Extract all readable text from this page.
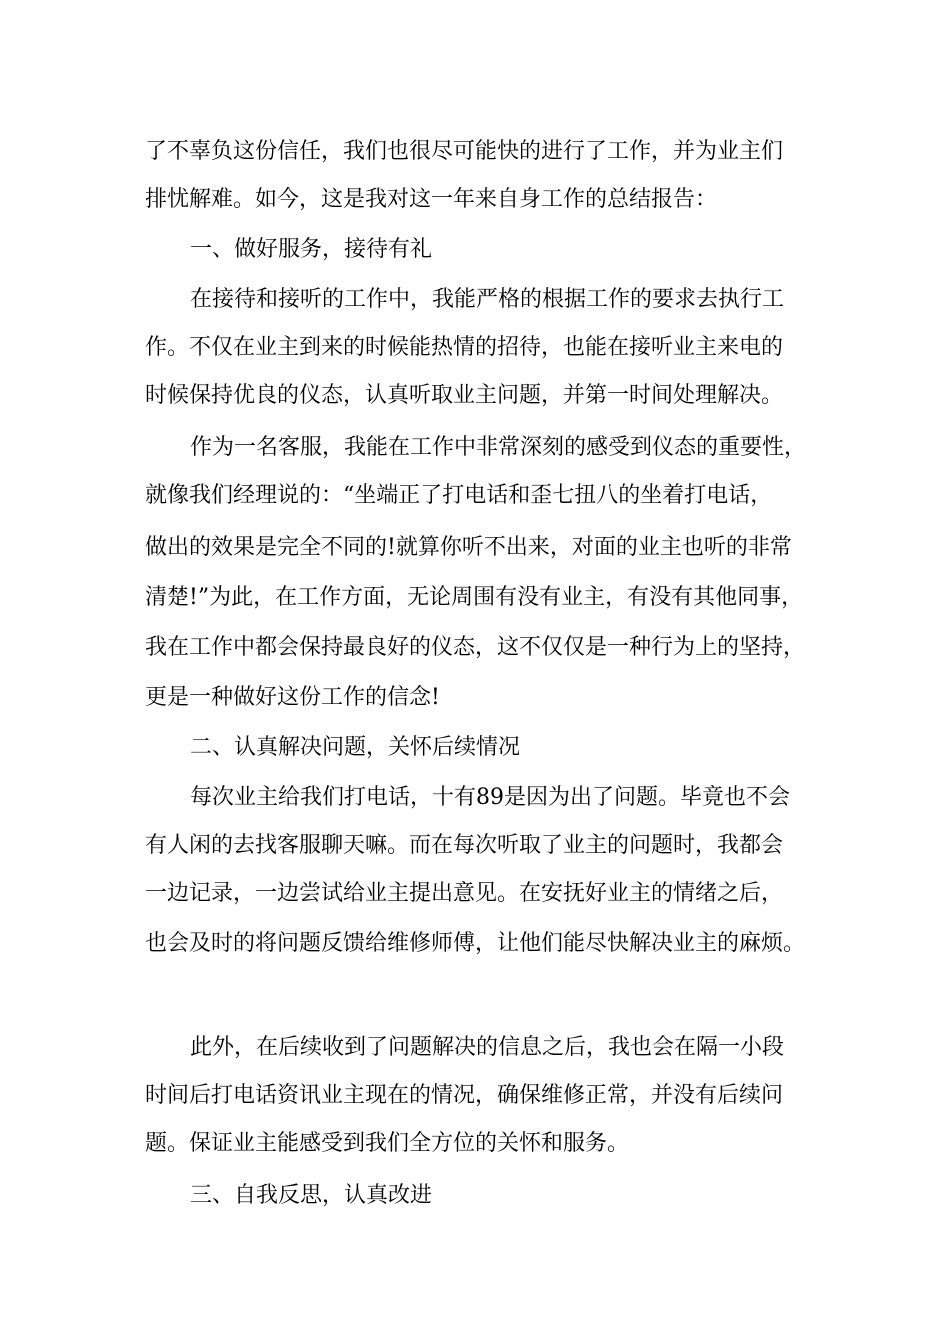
了不辜负这份信任，我们也很尽可能快的进行了工作，并为业主们
排忧解难。如今，这是我对这一年来自身工作的总结报告：
一、做好服务，接待有礼
在接待和接听的工作中，我能严格的根据工作的要求去执行工
作。不仅在业主到来的时候能热情的招待，也能在接听业主来电的
时候保持优良的仪态，认真听取业主问题，并第一时间处理解决。
作为一名客服，我能在工作中非常深刻的感受到仪态的重要性，
就像我们经理说的：“坐端正了打电话和歪七扭八的坐着打电话，
做出的效果是完全不同的!就算你听不出来，对面的业主也听的非常
清楚!”为此，在工作方面，无论周围有没有业主，有没有其他同事，
我在工作中都会保持最良好的仪态，这不仅仅是一种行为上的坚持，
更是一种做好这份工作的信念!
二、认真解决问题，关怀后续情况
每次业主给我们打电话，十有89是因为出了问题。毕竟也不会
有人闲的去找客服聊天嘛。而在每次听取了业主的问题时，我都会
一边记录，一边尝试给业主提出意见。在安抚好业主的情绪之后，
也会及时的将问题反馈给维修师傅，让他们能尽快解决业主的麻烦。
此外，在后续收到了问题解决的信息之后，我也会在隔一小段
时间后打电话资讯业主现在的情况，确保维修正常，并没有后续问
题。保证业主能感受到我们全方位的关怀和服务。
三、自我反思，认真改进
